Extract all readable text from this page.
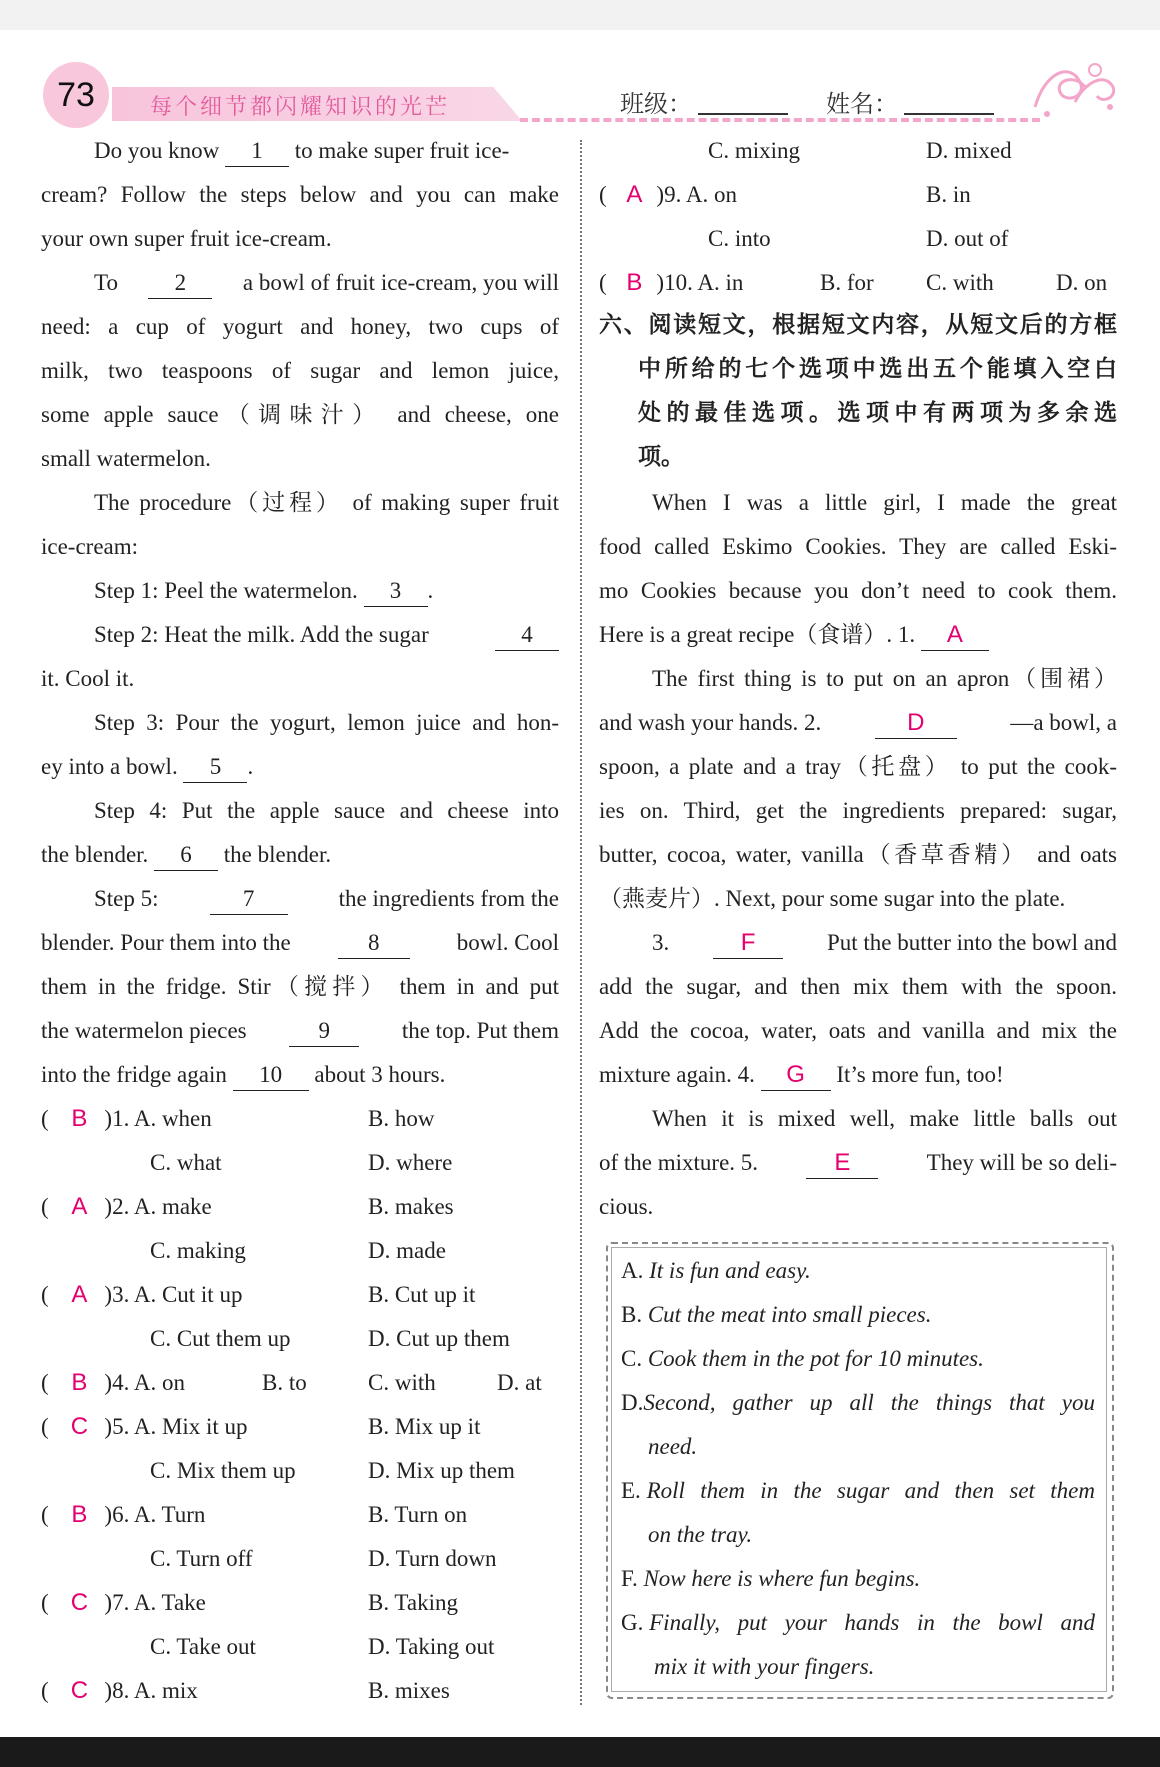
73	每个细节都闪耀知识的光芒	班级：	姓名：
Do you know 1 to make super fruit ice-
cream? Follow the steps below and you can make
your own super fruit ice-cream.
To	2	a bowl of fruit ice-cream, you will
need: a cup of yogurt and honey, two cups of
milk, two teaspoons of sugar and lemon juice,
some apple sauce（调味汁） and cheese, one
small watermelon.
The procedure（过程） of making super fruit
ice-cream:
Step 1: Peel the watermelon. 3 .
Step 2: Heat the milk. Add the sugar	4
it. Cool it.
Step 3: Pour the yogurt, lemon juice and hon-
ey into a bowl. 5 .
Step 4: Put the apple sauce and cheese into
the blender. 6 the blender.
Step 5:	7	the ingredients from the
blender. Pour them into the	8	bowl. Cool
them in the fridge. Stir（搅拌） them in and put
the watermelon pieces	9	the top. Put them
into the fridge again 10 about 3 hours.
( B )1. A. when	B. how
C. what	D. where
( A )2. A. make	B. makes
C. making	D. made
( A )3. A. Cut it up	B. Cut up it
C. Cut them up	D. Cut up them
( B )4. A. on	B. to	C. with	D. at
( C )5. A. Mix it up	B. Mix up it
C. Mix them up	D. Mix up them
( B )6. A. Turn	B. Turn on
C. Turn off	D. Turn down
( C )7. A. Take	B. Taking
C. Take out	D. Taking out
( C )8. A. mix	B. mixes
C. mixing	D. mixed
( A )9. A. on	B. in
C. into	D. out of
( B )10. A. in	B. for C. with	D. on
六、阅读短文，根据短文内容，从短文后的方框
中所给的七个选项中选出五个能填入空白
处的最佳选项。选项中有两项为多余选
项。
When I was a little girl, I made the great
food called Eskimo Cookies. They are called Eski-
mo Cookies because you don’t need to cook them.
Here is a great recipe（食谱）. 1. A
The first thing is to put on an apron（围裙）
and wash your hands. 2.	D	—a bowl, a
spoon, a plate and a tray（托盘） to put the cook-
ies on. Third, get the ingredients prepared: sugar,
butter, cocoa, water, vanilla（香草香精） and oats
（燕麦片）. Next, pour some sugar into the plate.
3.	F	Put the butter into the bowl and
add the sugar, and then mix them with the spoon.
Add the cocoa, water, oats and vanilla and mix the
mixture again. 4. G It’s more fun, too!
When it is mixed well, make little balls out
of the mixture. 5.	E	They will be so deli-
cious.
A. It is fun and easy.
B. Cut the meat into small pieces.
C. Cook them in the pot for 10 minutes.
D. Second, gather up all the things that you
need.
E.
Roll them in the sugar and then set them
on the tray.
F. Now here is where fun begins.
G.
Finally, put your hands in the bowl and
mix it with your fingers.
